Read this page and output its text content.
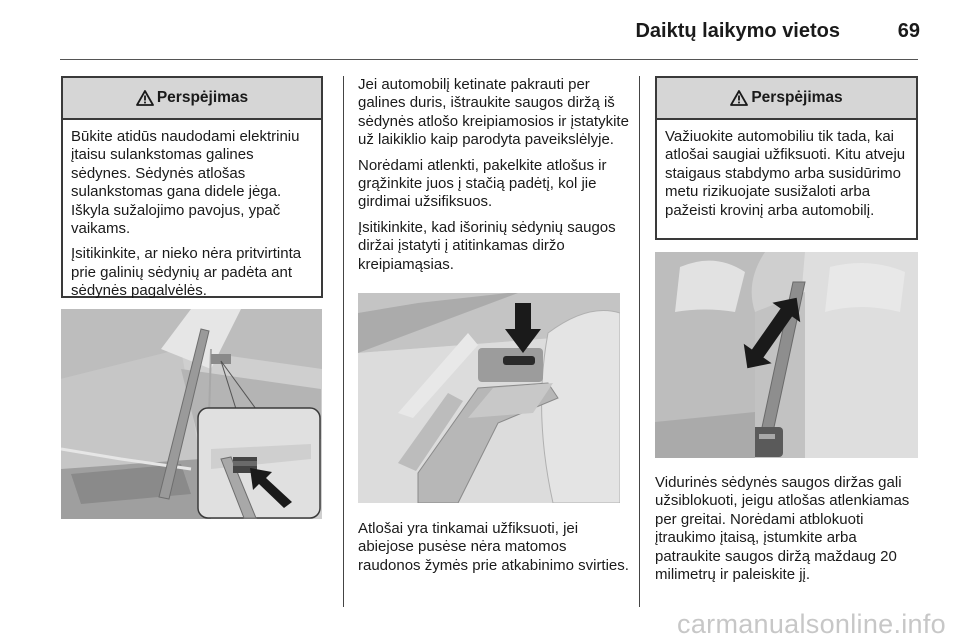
Daiktų laikymo vietos	69
Perspėjimas

Būkite atidūs naudodami elektriniu įtaisu sulankstomas galines sėdynes. Sėdynės atlošas sulankstomas gana didele jėga. Iškyla sužalojimo pavojus, ypač vaikams.

Įsitikinkite, ar nieko nėra pritvirtinta prie galinių sėdynių ar padėta ant sėdynės pagalvėlės.

Jei automobilį ketinate pakrauti per galines duris, ištraukite saugos diržą iš sėdynės atlošo kreipiamosios ir įstatykite už laikiklio kaip parodyta paveikslėlyje.

Norėdami atlenkti, pakelkite atlošus ir grąžinkite juos į stačią padėtį, kol jie girdimai užsifiksuos.

Įsitikinkite, kad išorinių sėdynių saugos diržai įstatyti į atitinkamas diržo kreipiamąsias.

Atlošai yra tinkamai užfiksuoti, jei abiejose pusėse nėra matomos raudonos žymės prie atkabinimo svirties.

Perspėjimas

Važiuokite automobiliu tik tada, kai atlošai saugiai užfiksuoti. Kitu atveju staigaus stabdymo arba susidūrimo metu rizikuojate susižaloti arba pažeisti krovinį arba automobilį.

Vidurinės sėdynės saugos diržas gali užsiblokuoti, jeigu atlošas atlenkiamas per greitai. Norėdami atblokuoti įtraukimo įtaisą, įstumkite arba patraukite saugos diržą maždaug 20 milimetrų ir paleiskite jį.

carmanualsonline.info
